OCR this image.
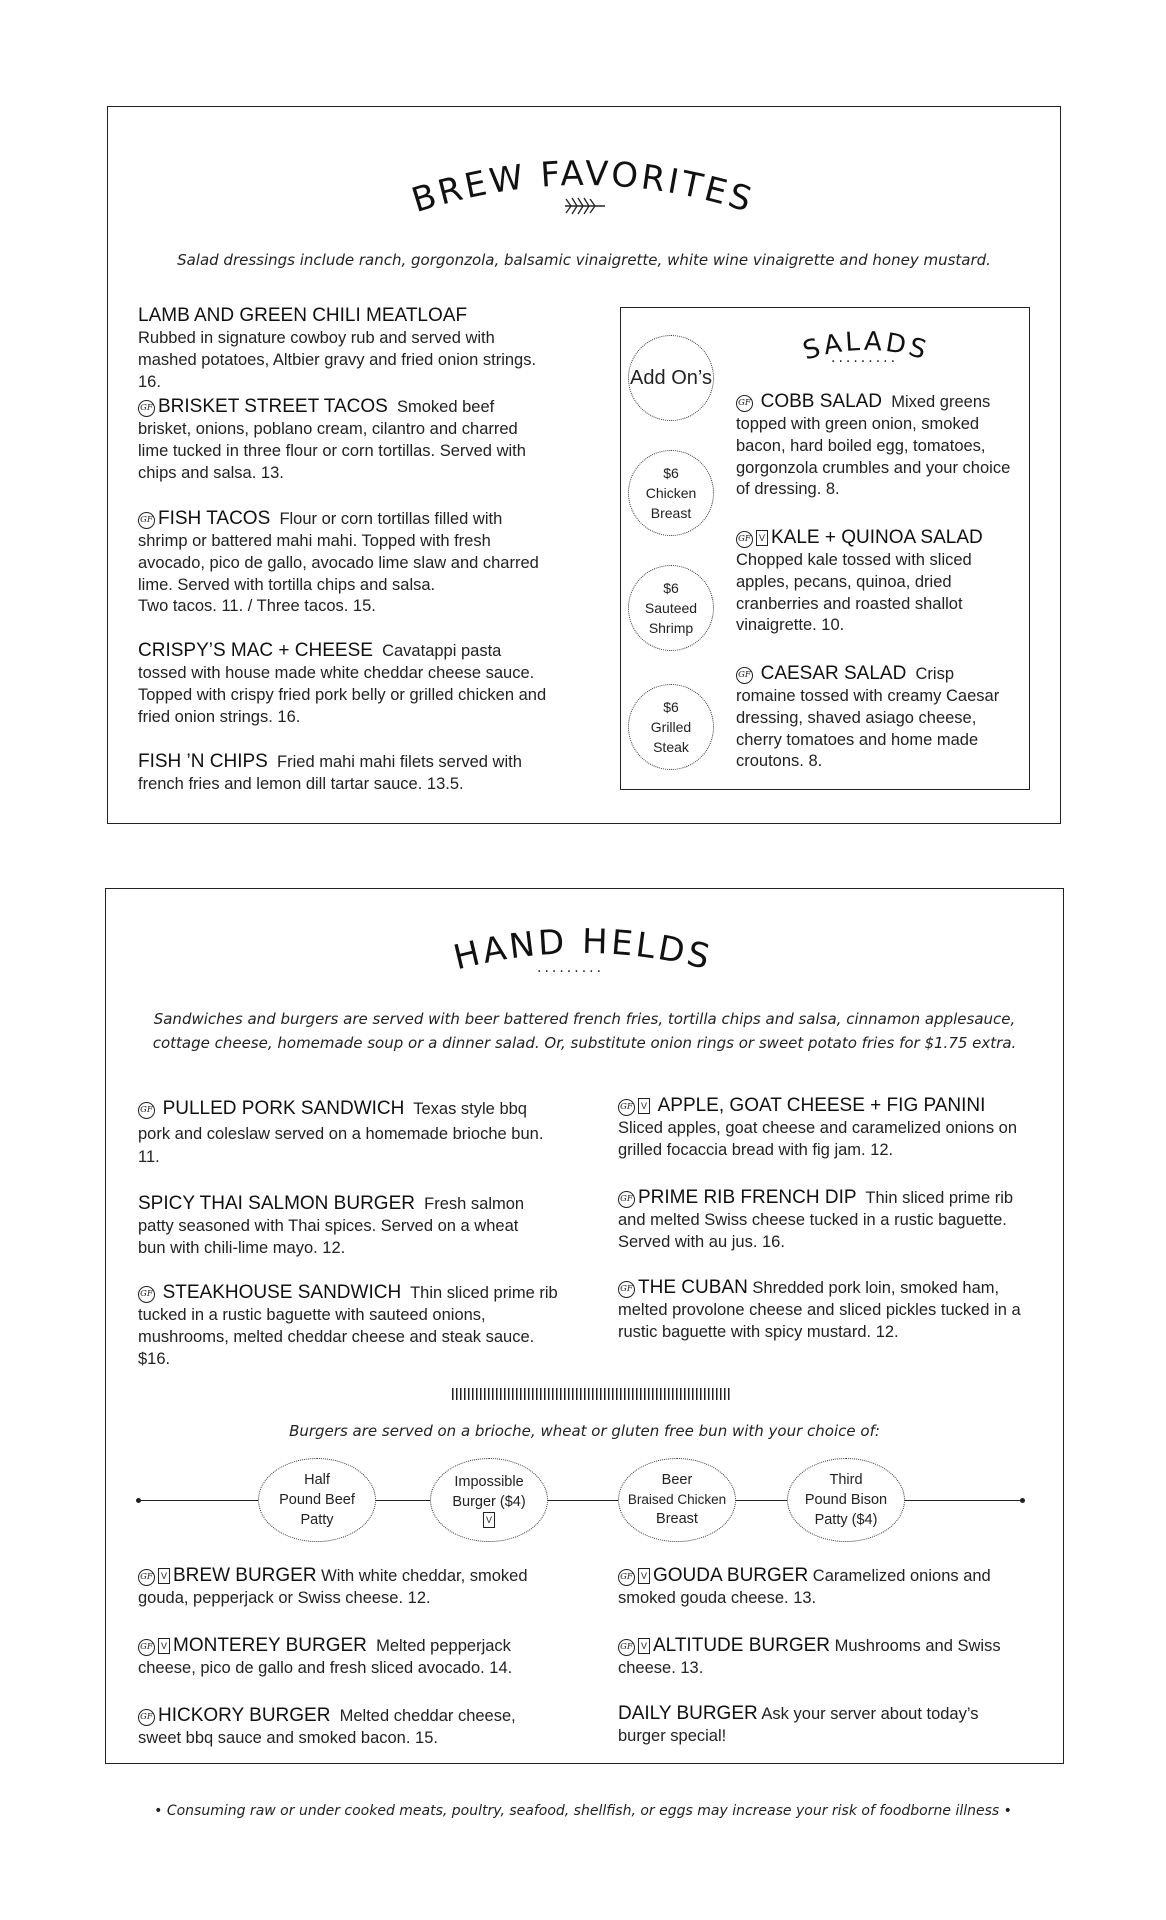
BREW FAVORITES
Salad dressings include ranch, gorgonzola, balsamic vinaigrette, white wine vinaigrette and honey mustard.
LAMB AND GREEN CHILI MEATLOAF
Rubbed in signature cowboy rub and served with mashed potatoes, Altbier gravy and fried onion strings. 16.
GF BRISKET STREET TACOS Smoked beef brisket, onions, poblano cream, cilantro and charred lime tucked in three flour or corn tortillas. Served with chips and salsa. 13.
GF FISH TACOS Flour or corn tortillas filled with shrimp or battered mahi mahi. Topped with fresh avocado, pico de gallo, avocado lime slaw and charred lime. Served with tortilla chips and salsa.
Two tacos. 11. / Three tacos. 15.
CRISPY’S MAC + CHEESE Cavatappi pasta tossed with house made white cheddar cheese sauce. Topped with crispy fried pork belly or grilled chicken and fried onion strings. 16.
FISH ’N CHIPS Fried mahi mahi filets served with french fries and lemon dill tartar sauce. 13.5.
Add On’s
$6
Chicken
Breast
$6
Sauteed
Shrimp
$6
Grilled
Steak
SALADS
.........
GF COBB SALAD Mixed greens topped with green onion, smoked bacon, hard boiled egg, tomatoes, gorgonzola crumbles and your choice of dressing. 8.
GF V KALE + QUINOA SALAD
Chopped kale tossed with sliced apples, pecans, quinoa, dried cranberries and roasted shallot vinaigrette. 10.
GF CAESAR SALAD Crisp romaine tossed with creamy Caesar dressing, shaved asiago cheese, cherry tomatoes and home made croutons. 8.
HAND HELDS
.........
Sandwiches and burgers are served with beer battered french fries, tortilla chips and salsa, cinnamon applesauce,
cottage cheese, homemade soup or a dinner salad. Or, substitute onion rings or sweet potato fries for $1.75 extra.
GF PULLED PORK SANDWICH Texas style bbq pork and coleslaw served on a homemade brioche bun. 11.
SPICY THAI SALMON BURGER Fresh salmon patty seasoned with Thai spices. Served on a wheat bun with chili-lime mayo. 12.
GF STEAKHOUSE SANDWICH Thin sliced prime rib tucked in a rustic baguette with sauteed onions, mushrooms, melted cheddar cheese and steak sauce. $16.
GF V APPLE, GOAT CHEESE + FIG PANINI
Sliced apples, goat cheese and caramelized onions on grilled focaccia bread with fig jam. 12.
GF PRIME RIB FRENCH DIP Thin sliced prime rib and melted Swiss cheese tucked in a rustic baguette. Served with au jus. 16.
GF THE CUBAN Shredded pork loin, smoked ham, melted provolone cheese and sliced pickles tucked in a rustic baguette with spicy mustard. 12.
Burgers are served on a brioche, wheat or gluten free bun with your choice of:
Half
Pound Beef
Patty
Impossible
Burger ($4)
V
Beer
Braised Chicken
Breast
Third
Pound Bison
Patty ($4)
GF V BREW BURGER With white cheddar, smoked gouda, pepperjack or Swiss cheese. 12.
GF V MONTEREY BURGER Melted pepperjack cheese, pico de gallo and fresh sliced avocado. 14.
GF HICKORY BURGER Melted cheddar cheese, sweet bbq sauce and smoked bacon. 15.
GF V GOUDA BURGER Caramelized onions and smoked gouda cheese. 13.
GF V ALTITUDE BURGER Mushrooms and Swiss cheese. 13.
DAILY BURGER Ask your server about today’s burger special!
• Consuming raw or under cooked meats, poultry, seafood, shellfish, or eggs may increase your risk of foodborne illness •
